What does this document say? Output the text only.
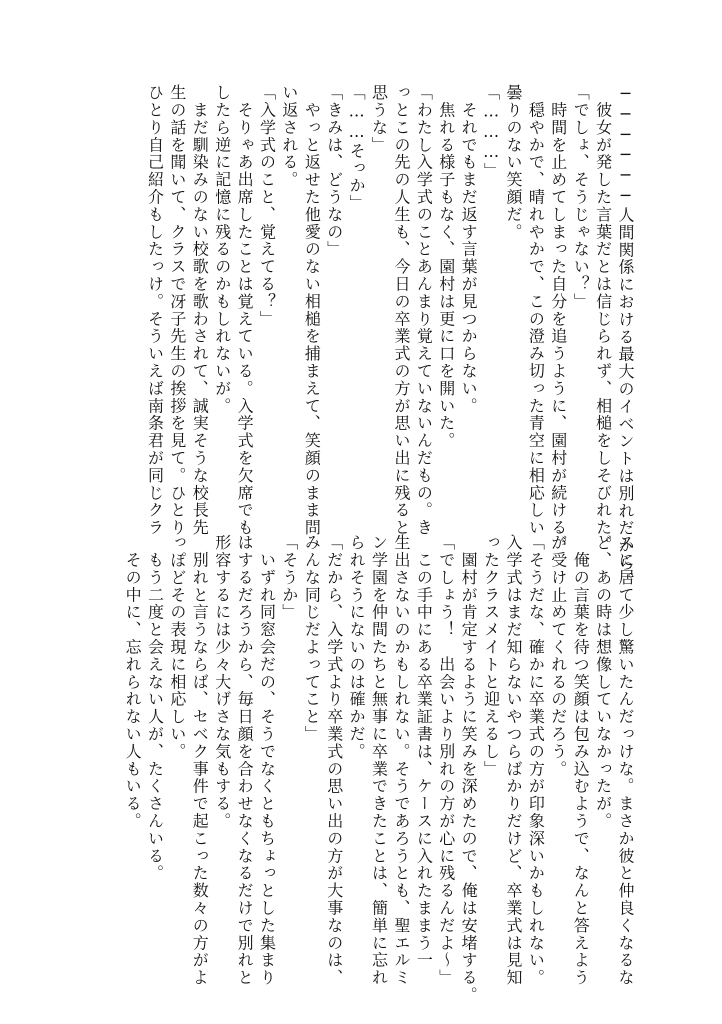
──────人間関係における最大のイベントは別れだから。
　彼女が発した言葉だとは信じられず、相槌をしそびれた。
「でしょ、そうじゃない？」
　時間を止めてしまった自分を追うように、園村が続ける。
　穏やかで、晴れやかで、この澄み切った青空に相応しい
曇りのない笑顔だ。
「………」
　それでもまだ返す言葉が見つからない。
　焦れる様子もなく、園村は更に口を開いた。
「わたし入学式のことあんまり覚えていないんだもの。き
っとこの先の人生も、今日の卒業式の方が思い出に残ると
思うな」
「……そっか」
「きみは、どうなの」
　やっと返せた他愛のない相槌を捕まえて、笑顔のまま問
い返される。
「入学式のこと、覚えてる？」
　そりゃあ出席したことは覚えている。入学式を欠席でも
したら逆に記憶に残るのかもしれないが。
　まだ馴染みのない校歌を歌わされて、誠実そうな校長先
生の話を聞いて、クラスで冴子先生の挨拶を見て。ひとり
ひとり自己紹介もしたっけ。そういえば南条君が同じクラ
スに居て少し驚いたんだっけな。まさか彼と仲良くなるな
ど、あの時は想像していなかったが。
　俺の言葉を待つ笑顔は包み込むようで、なんと答えよう
が受け止めてくれるのだろう。
「そうだな、確かに卒業式の方が印象深いかもしれない。
入学式はまだ知らないやつらばかりだけど、卒業式は見知
ったクラスメイトと迎えるし」
　園村が肯定するように笑みを深めたので、俺は安堵する。
「でしょう！　出会いより別れの方が心に残るんだよ〜」
　この手中にある卒業証書は、ケースに入れたままう一
生出さないのかもしれない。そうであろうとも、聖エルミ
ン学園を仲間たちと無事に卒業できたことは、簡単に忘れ
られそうにないのは確かだ。
「だから、入学式より卒業式の思い出の方が大事なのは、
みんな同じだよってこと」
「そうか」
　いずれ同窓会だの、そうでなくともちょっとした集まり
はするだろうから、毎日顔を合わせなくなるだけで別れと
形容するには少々大げさな気もする。
　別れと言うならば、セベク事件で起こった数々の方がよ
っぽどその表現に相応しい。
　もう二度と会えない人が、たくさんいる。
　その中に、忘れられない人もいる。
